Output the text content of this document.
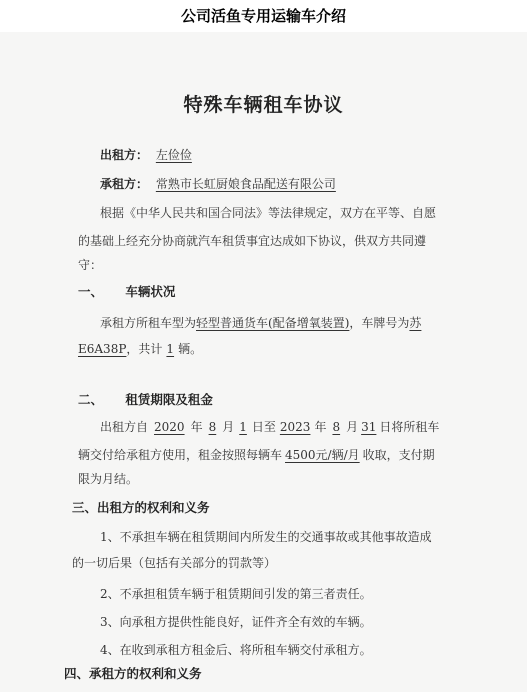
公司活鱼专用运输车介绍
特殊车辆租车协议
出租方： 左俭俭
承租方： 常熟市长虹厨娘食品配送有限公司
根据《中华人民共和国合同法》等法律规定，双方在平等、自愿
的基础上经充分协商就汽车租赁事宜达成如下协议，供双方共同遵
守：
一、 车辆状况
承租方所租车型为轻型普通货车(配备增氧装置)，车牌号为苏
E6A38P，共计 1 辆。
二、 租赁期限及租金
出租方自 2020 年 8 月 1 日至 2023 年 8 月 31 日将所租车
辆交付给承租方使用，租金按照每辆车 4500元/辆/月 收取，支付期
限为月结。
三、出租方的权利和义务
1、不承担车辆在租赁期间内所发生的交通事故或其他事故造成
的一切后果（包括有关部分的罚款等）
2、不承担租赁车辆于租赁期间引发的第三者责任。
3、向承租方提供性能良好，证件齐全有效的车辆。
4、在收到承租方租金后、将所租车辆交付承租方。
四、承租方的权利和义务
